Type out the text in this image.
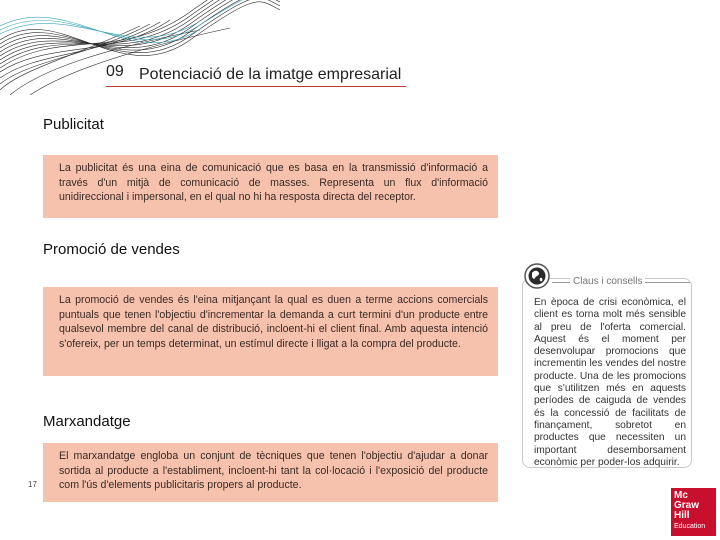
09 Potenciació de la imatge empresarial
Publicitat
La publicitat és una eina de comunicació que es basa en la transmissió d'informació a través d'un mitjà de comunicació de masses. Representa un flux d'informació unidireccional i impersonal, en el qual no hi ha resposta directa del receptor.
Promoció de vendes
La promoció de vendes és l'eina mitjançant la qual es duen a terme accions comercials puntuals que tenen l'objectiu d'incrementar la demanda a curt termini d'un producte entre qualsevol membre del canal de distribució, incloent-hi el client final. Amb aquesta intenció s'ofereix, per un temps determinat, un estímul directe i lligat a la compra del producte.
Marxandatge
El marxandatge engloba un conjunt de tècniques que tenen l'objectiu d'ajudar a donar sortida al producte a l'establiment, incloent-hi tant la col·locació i l'exposició del producte com l'ús d'elements publicitaris propers al producte.
Claus i consells
En època de crisi econòmica, el client es torna molt més sensible al preu de l'oferta comercial. Aquest és el moment per desenvolupar promocions que incrementin les vendes del nostre producte. Una de les promocions que s'utilitzen més en aquests períodes de caiguda de vendes és la concessió de facilitats de finançament, sobretot en productes que necessiten un important desemborsament econòmic per poder-los adquirir.
17
Mc
Graw
Hill
Education
